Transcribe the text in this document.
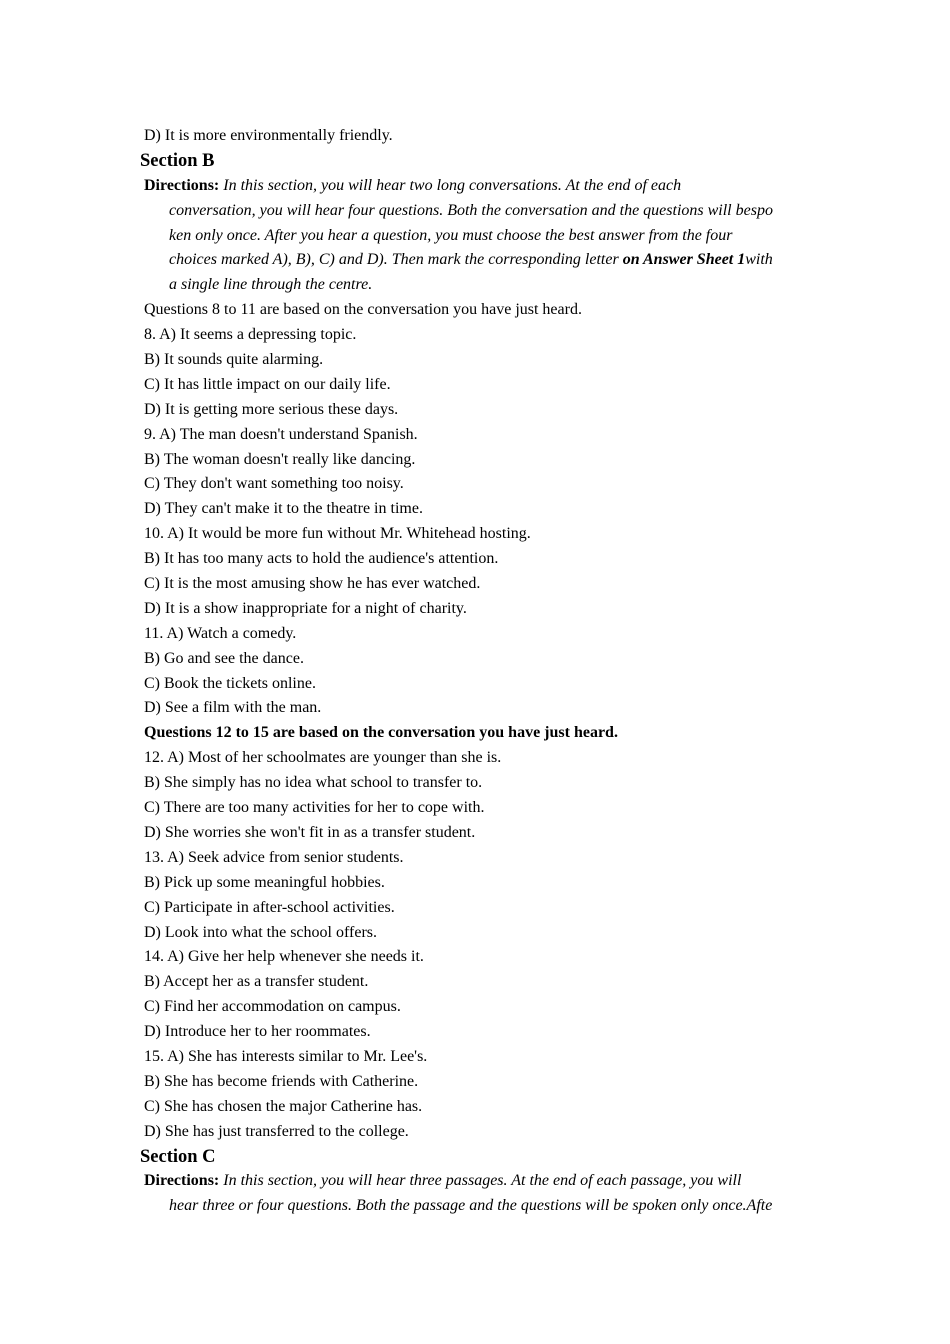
D) It is more environmentally friendly.
Section B
Directions: In this section, you will hear two long conversations. At the end of each
conversation, you will hear four questions. Both the conversation and the questions will bespo
ken only once. After you hear a question, you must choose the best answer from the four
choices marked A), B), C) and D). Then mark the corresponding letter on Answer Sheet 1with
a single line through the centre.
Questions 8 to 11 are based on the conversation you have just heard.
8. A) It seems a depressing topic.
B) It sounds quite alarming.
C) It has little impact on our daily life.
D) It is getting more serious these days.
9. A) The man doesn't understand Spanish.
B) The woman doesn't really like dancing.
C) They don't want something too noisy.
D) They can't make it to the theatre in time.
10. A) It would be more fun without Mr. Whitehead hosting.
B) It has too many acts to hold the audience's attention.
C) It is the most amusing show he has ever watched.
D) It is a show inappropriate for a night of charity.
11. A) Watch a comedy.
B) Go and see the dance.
C) Book the tickets online.
D) See a film with the man.
Questions 12 to 15 are based on the conversation you have just heard.
12. A) Most of her schoolmates are younger than she is.
B) She simply has no idea what school to transfer to.
C) There are too many activities for her to cope with.
D) She worries she won't fit in as a transfer student.
13. A) Seek advice from senior students.
B) Pick up some meaningful hobbies.
C) Participate in after-school activities.
D) Look into what the school offers.
14. A) Give her help whenever she needs it.
B) Accept her as a transfer student.
C) Find her accommodation on campus.
D) Introduce her to her roommates.
15. A) She has interests similar to Mr. Lee's.
B) She has become friends with Catherine.
C) She has chosen the major Catherine has.
D) She has just transferred to the college.
Section C
Directions: In this section, you will hear three passages. At the end of each passage, you will
hear three or four questions. Both the passage and the questions will be spoken only once.Afte
